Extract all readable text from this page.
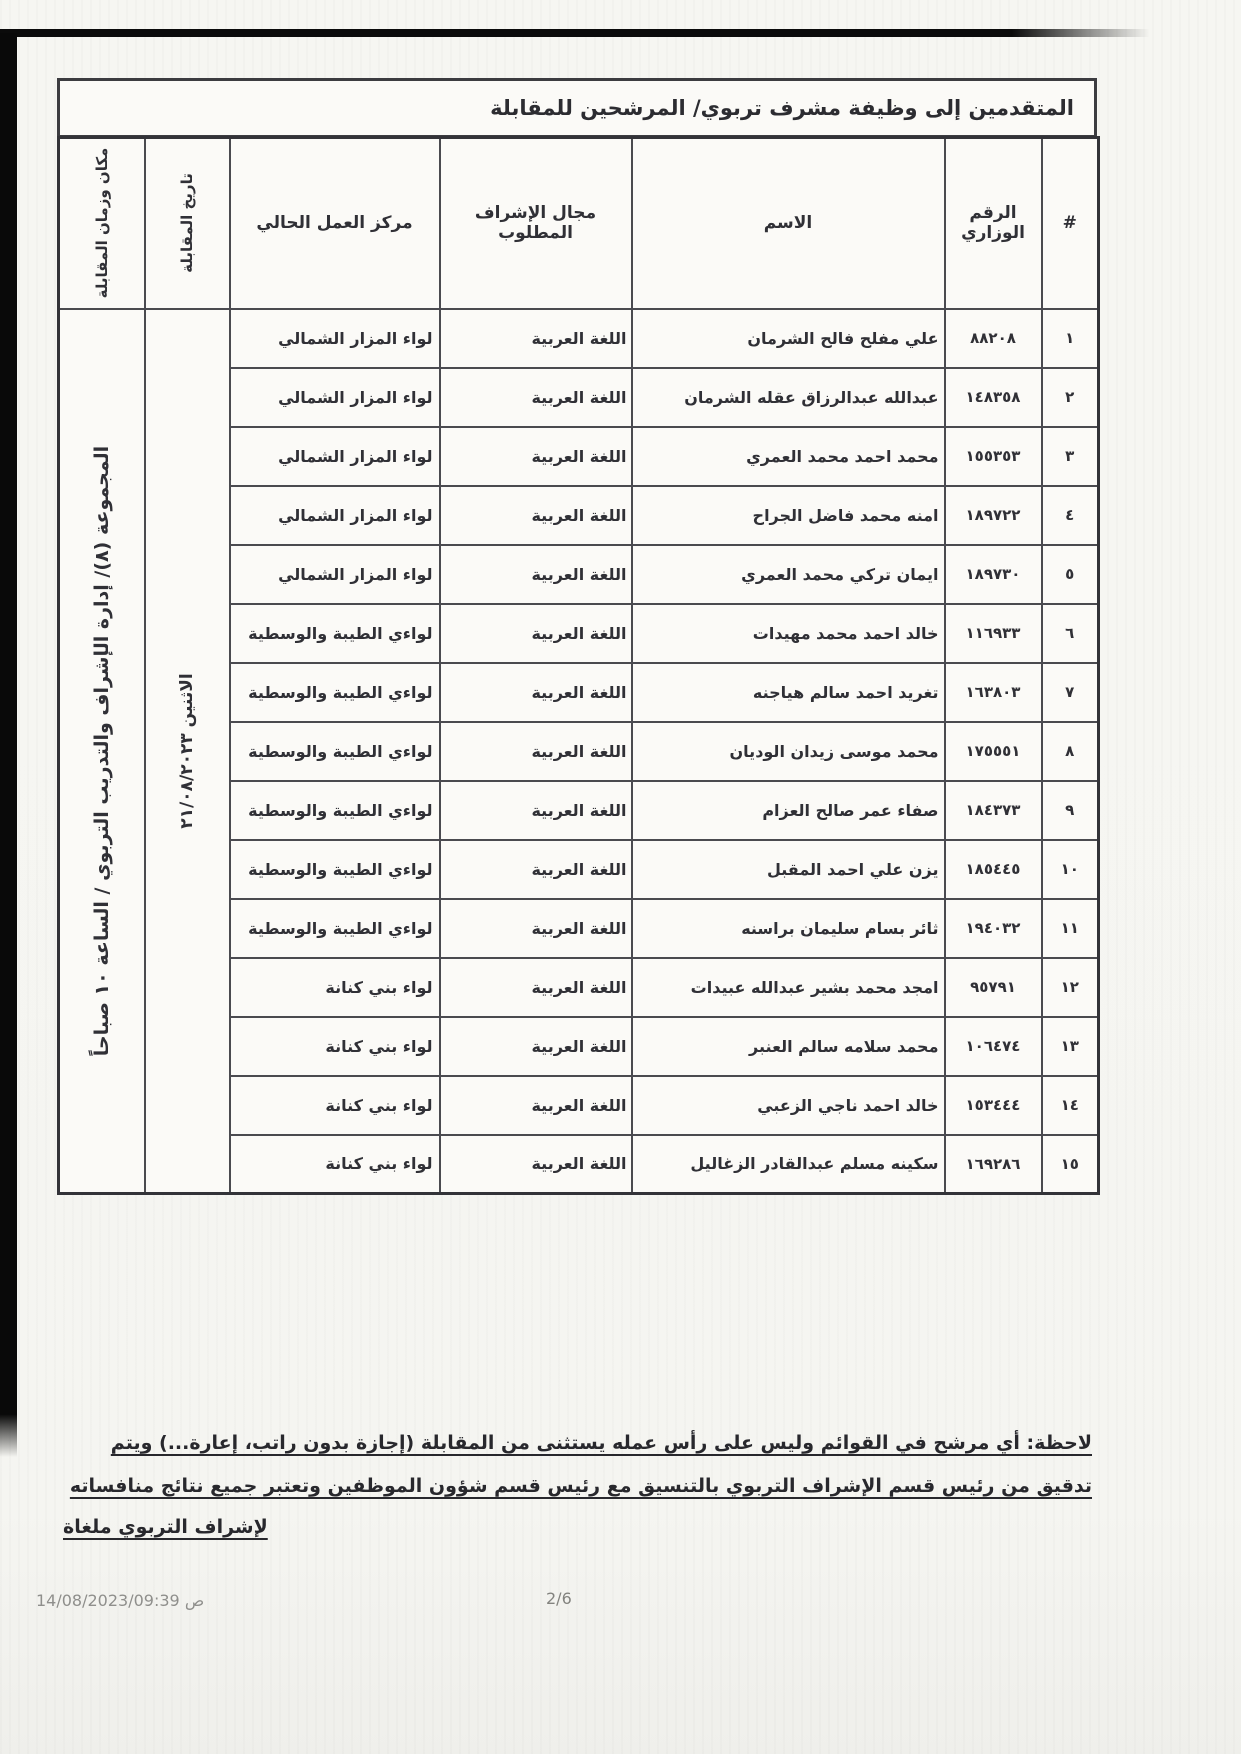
المتقدمين إلى وظيفة مشرف تربوي/ المرشحين للمقابلة
#	الرقم الوزاري	الاسم	مجال الإشراف المطلوب	مركز العمل الحالي	تاريخ المقابلة	مكان وزمان المقابلة

١	٨٨٢٠٨	علي مفلح فالح الشرمان	اللغة العربية	لواء المزار الشمالي	الاثنين ٢١/٠٨/٢٠٢٣	المجموعة (٨)/ إدارة الإشراف والتدريب التربوي / الساعة ١٠ صباحاً

٢	١٤٨٣٥٨	عبدالله عبدالرزاق عقله الشرمان	اللغة العربية	لواء المزار الشمالي		
٣	١٥٥٣٥٣	محمد احمد محمد العمري	اللغة العربية	لواء المزار الشمالي		
٤	١٨٩٧٢٢	امنه محمد فاضل الجراح	اللغة العربية	لواء المزار الشمالي		
٥	١٨٩٧٣٠	ايمان تركي محمد العمري	اللغة العربية	لواء المزار الشمالي		
٦	١١٦٩٣٣	خالد احمد محمد مهيدات	اللغة العربية	لواءي الطيبة والوسطية		
٧	١٦٣٨٠٣	تغريد احمد سالم هياجنه	اللغة العربية	لواءي الطيبة والوسطية		
٨	١٧٥٥٥١	محمد موسى زيدان الوديان	اللغة العربية	لواءي الطيبة والوسطية		
٩	١٨٤٣٧٣	صفاء عمر صالح العزام	اللغة العربية	لواءي الطيبة والوسطية		
١٠	١٨٥٤٤٥	يزن علي احمد المقبل	اللغة العربية	لواءي الطيبة والوسطية		
١١	١٩٤٠٣٢	ثائر بسام سليمان براسنه	اللغة العربية	لواءي الطيبة والوسطية		
١٢	٩٥٧٩١	امجد محمد بشير عبدالله عبيدات	اللغة العربية	لواء بني كنانة		
١٣	١٠٦٤٧٤	محمد سلامه سالم العنبر	اللغة العربية	لواء بني كنانة		
١٤	١٥٣٤٤٤	خالد احمد ناجي الزعبي	اللغة العربية	لواء بني كنانة		
١٥	١٦٩٢٨٦	سكينه مسلم عبدالقادر الزغاليل	اللغة العربية	لواء بني كنانة		
لاحظة: أي مرشح في القوائم وليس على رأس عمله يستثنى من المقابلة (إجازة بدون راتب، إعارة...) ويتم
تدقيق من رئيس قسم الإشراف التربوي بالتنسيق مع رئيس قسم شؤون الموظفين وتعتبر جميع نتائج منافساته
لإشراف التربوي ملغاة
14/08/2023/09:39 ص	2/6
